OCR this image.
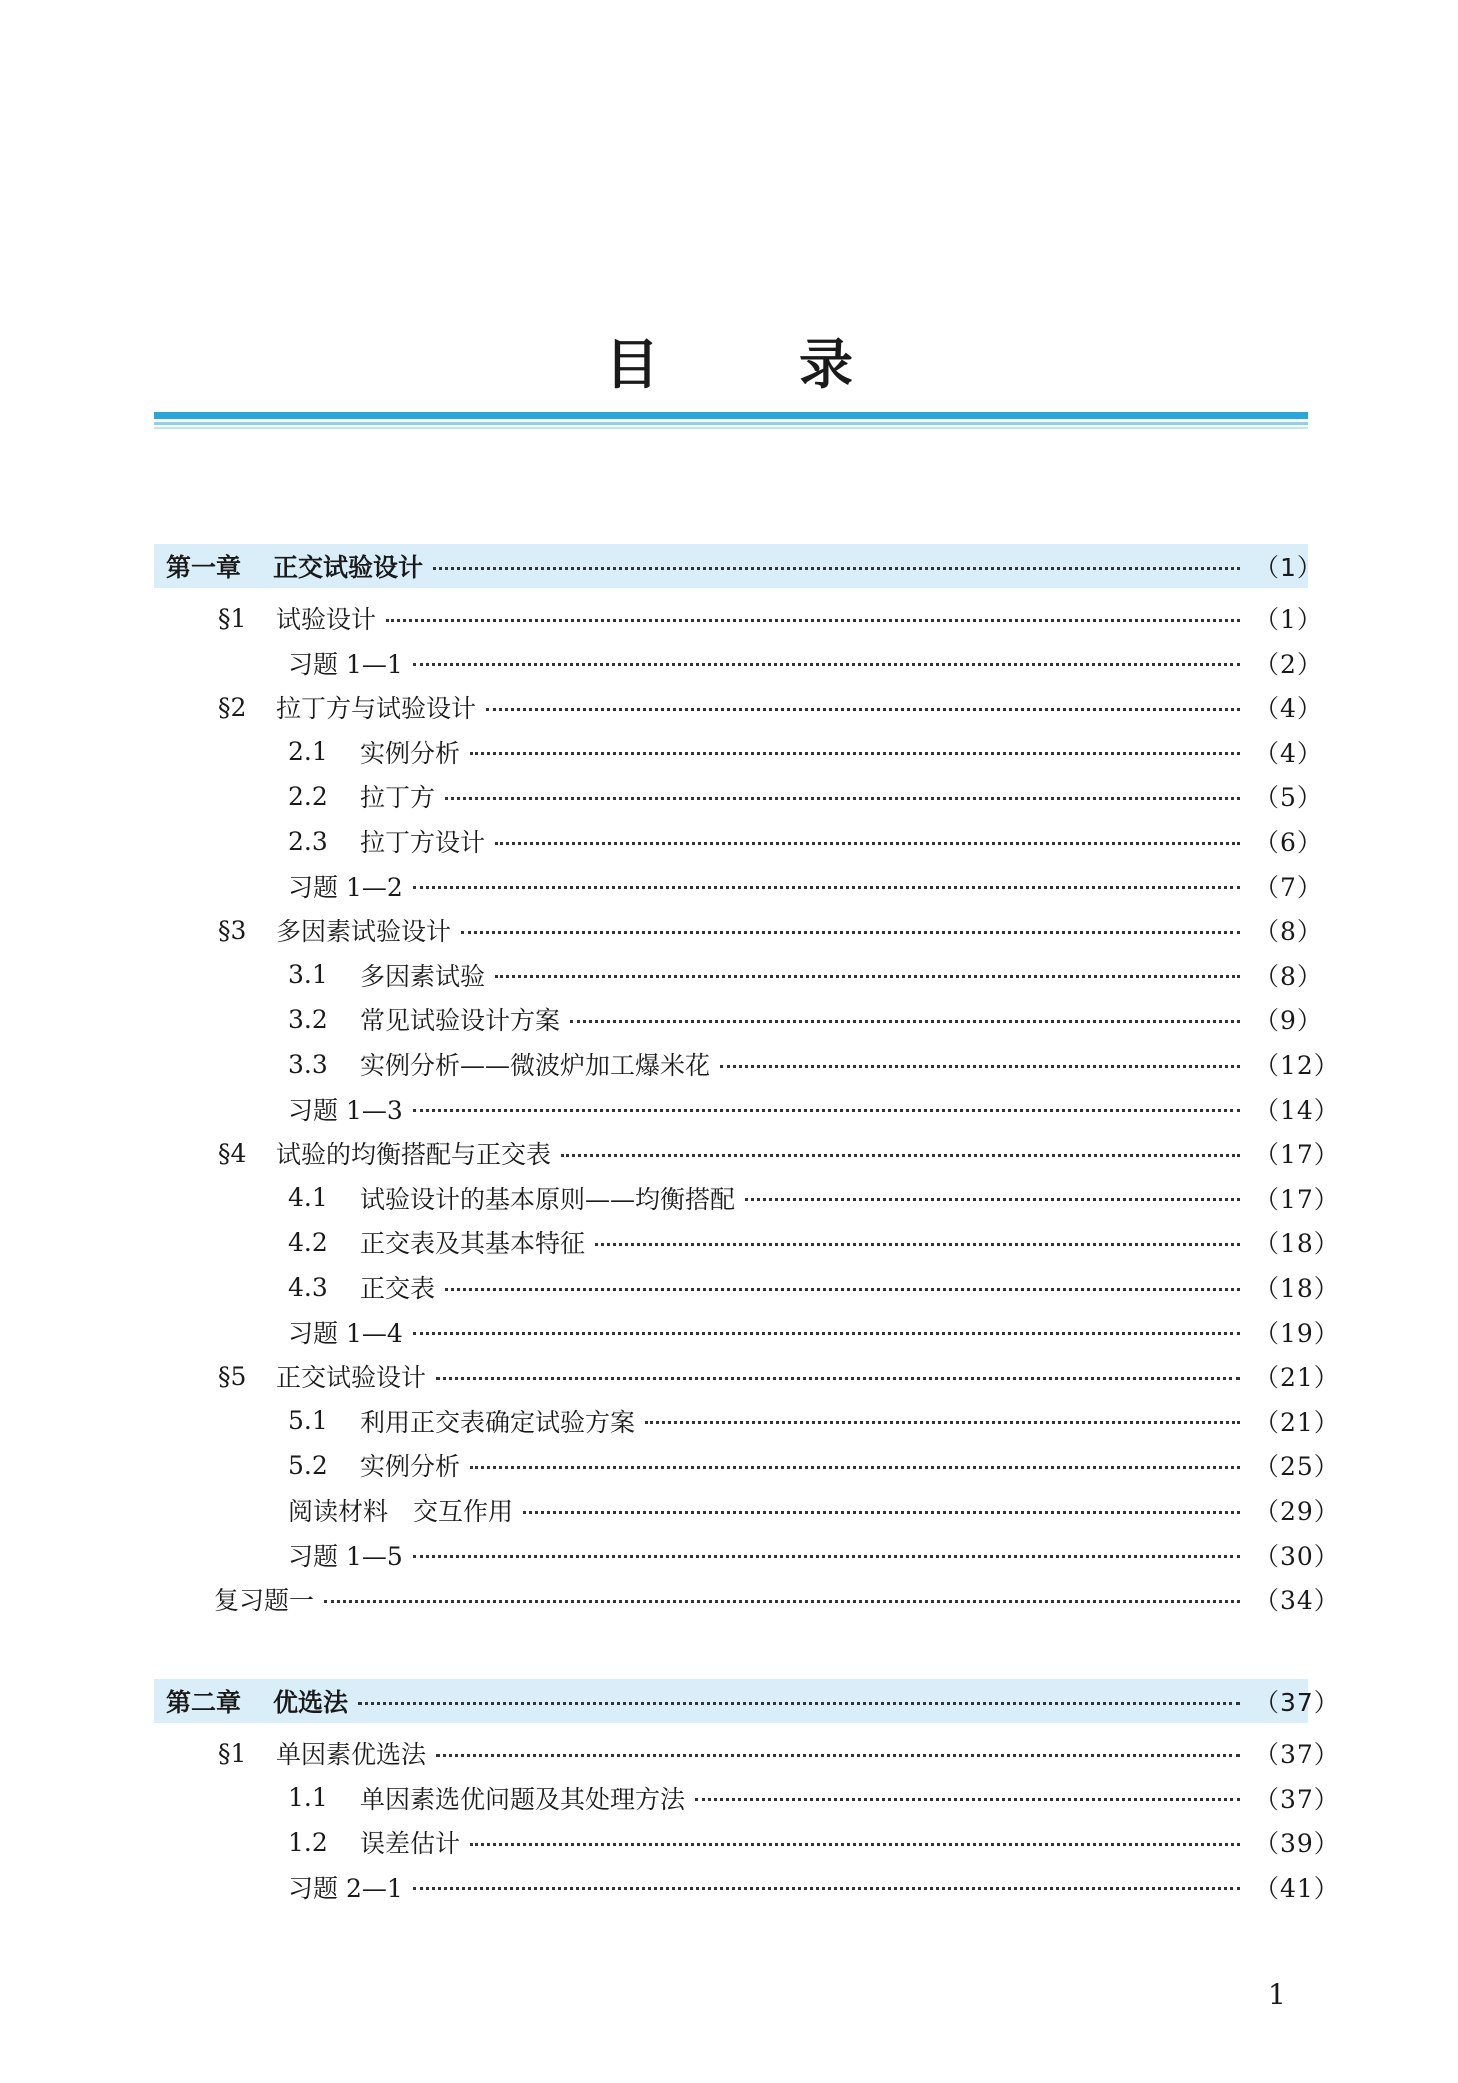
目	录
第一章 正交试验设计	（1）
§1	试验设计	（1）
习题 1—1	（2）
§2	拉丁方与试验设计	（4）
2.1	实例分析	（4）
2.2	拉丁方	（5）
2.3	拉丁方设计	（6）
习题 1—2	（7）
§3	多因素试验设计	（8）
3.1	多因素试验	（8）
3.2	常见试验设计方案	（9）
3.3	实例分析——微波炉加工爆米花	（12）
习题 1—3	（14）
§4	试验的均衡搭配与正交表	（17）
4.1	试验设计的基本原则——均衡搭配	（17）
4.2	正交表及其基本特征	（18）
4.3	正交表	（18）
习题 1—4	（19）
§5	正交试验设计	（21）
5.1	利用正交表确定试验方案	（21）
5.2	实例分析	（25）
阅读材料　交互作用	（29）
习题 1—5	（30）
复习题一	（34）
第二章 优选法	（37）
§1	单因素优选法	（37）
1.1	单因素选优问题及其处理方法	（37）
1.2	误差估计	（39）
习题 2—1	（41）
1
